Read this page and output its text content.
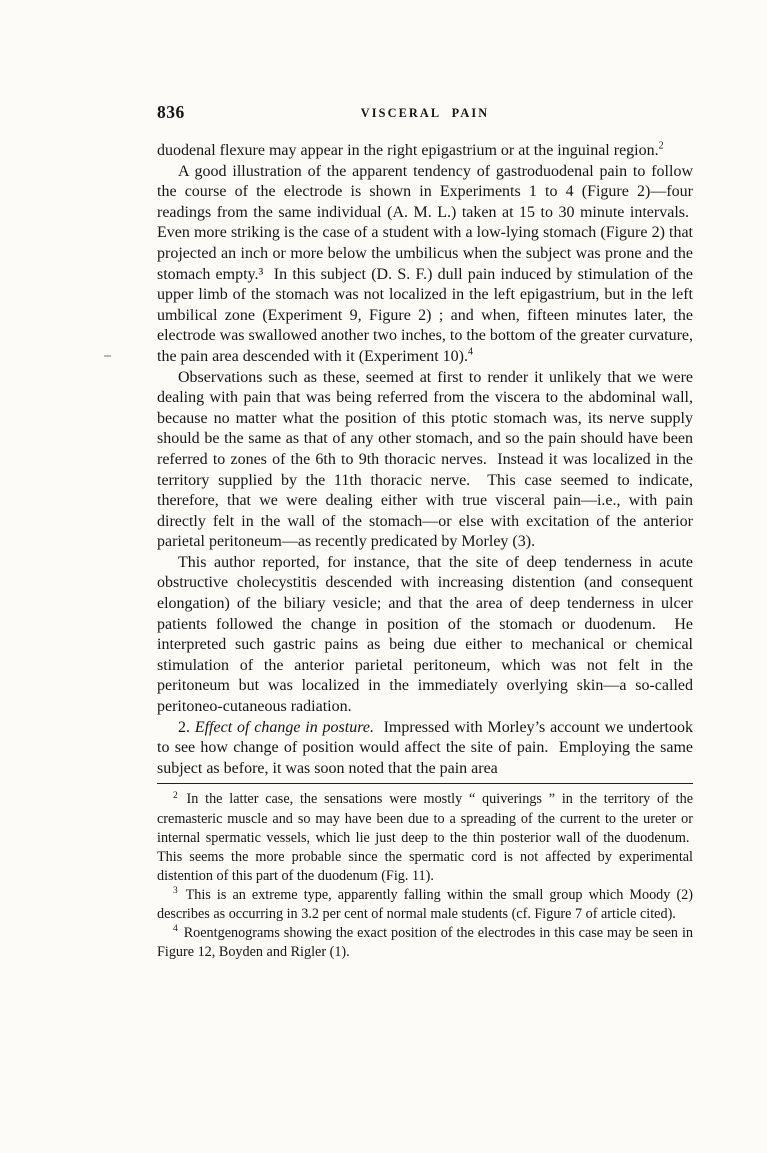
836	VISCERAL PAIN

duodenal flexure may appear in the right epigastrium or at the inguinal region.$^2$

A good illustration of the apparent tendency of gastroduodenal pain to follow the course of the electrode is shown in Experiments 1 to 4 (Figure 2)—four readings from the same individual (A. M. L.) taken at 15 to 30 minute intervals.  Even more striking is the case of a student with a low-lying stomach (Figure 2) that projected an inch or more below the umbilicus when the subject was prone and the stomach empty.³  In this subject (D. S. F.) dull pain induced by stimulation of the upper limb of the stomach was not localized in the left epigastrium, but in the left umbilical zone (Experiment 9, Figure 2) ; and when, fifteen minutes later, the electrode was swallowed another two inches, to the bottom of the greater curvature, the pain area descended with it (Experiment 10).$^4$

Observations such as these, seemed at first to render it unlikely that we were dealing with pain that was being referred from the viscera to the abdominal wall, because no matter what the position of this ptotic stomach was, its nerve supply should be the same as that of any other stomach, and so the pain should have been referred to zones of the 6th to 9th thoracic nerves.  Instead it was localized in the territory supplied by the 11th thoracic nerve.  This case seemed to indicate, therefore, that we were dealing either with true visceral pain—i.e., with pain directly felt in the wall of the stomach—or else with excitation of the anterior parietal peritoneum—as recently predicated by Morley (3).

This author reported, for instance, that the site of deep tenderness in acute obstructive cholecystitis descended with increasing distention (and consequent elongation) of the biliary vesicle; and that the area of deep tenderness in ulcer patients followed the change in position of the stomach or duodenum.  He interpreted such gastric pains as being due either to mechanical or chemical stimulation of the anterior parietal peritoneum, which was not felt in the peritoneum but was localized in the immediately overlying skin—a so-called peritoneo-cutaneous radiation.

2. Effect of change in posture.  Impressed with Morley’s account we undertook to see how change of position would affect the site of pain.  Employing the same subject as before, it was soon noted that the pain area

$^2$ In the latter case, the sensations were mostly “ quiverings ” in the territory of the cremasteric muscle and so may have been due to a spreading of the current to the ureter or internal spermatic vessels, which lie just deep to the thin posterior wall of the duodenum.  This seems the more probable since the spermatic cord is not affected by experimental distention of this part of the duodenum (Fig. 11).

$^3$ This is an extreme type, apparently falling within the small group which Moody (2) describes as occurring in 3.2 per cent of normal male students (cf. Figure 7 of article cited).

$^4$ Roentgenograms showing the exact position of the electrodes in this case may be seen in Figure 12, Boyden and Rigler (1).
